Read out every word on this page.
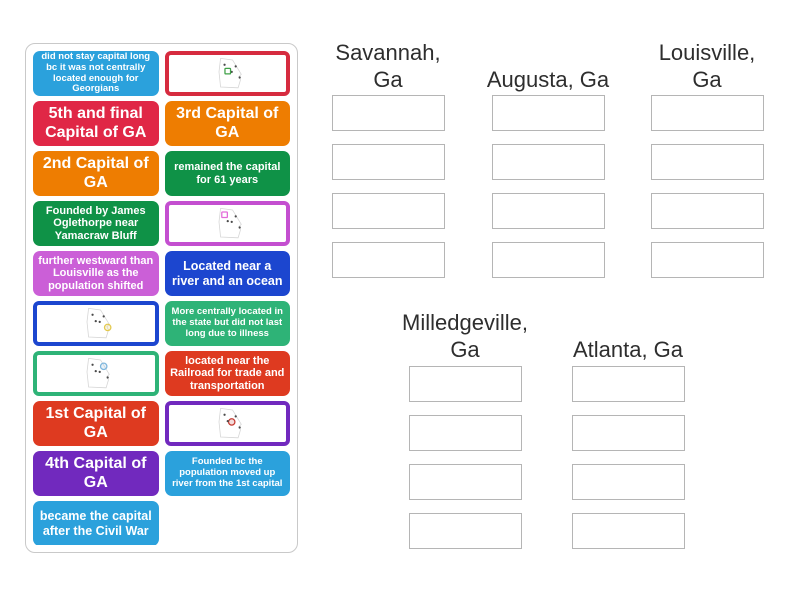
did not stay capital long bc it was not centrally located enough for Georgians
5th and final Capital of GA
3rd Capital of GA
2nd Capital of GA
remained the capital for 61 years
Founded by James Oglethorpe near Yamacraw Bluff
further westward than Louisville as the population shifted
Located near a river and an ocean
More centrally located in the state but did not last long due to illness
located near the Railroad for trade and transportation
1st Capital of GA
4th Capital of GA
Founded bc the population moved up river from the 1st capital
became the capital after the Civil War
Savannah, Ga	Augusta, Ga
Louisville, Ga
Milledgeville, Ga	Atlanta, Ga
